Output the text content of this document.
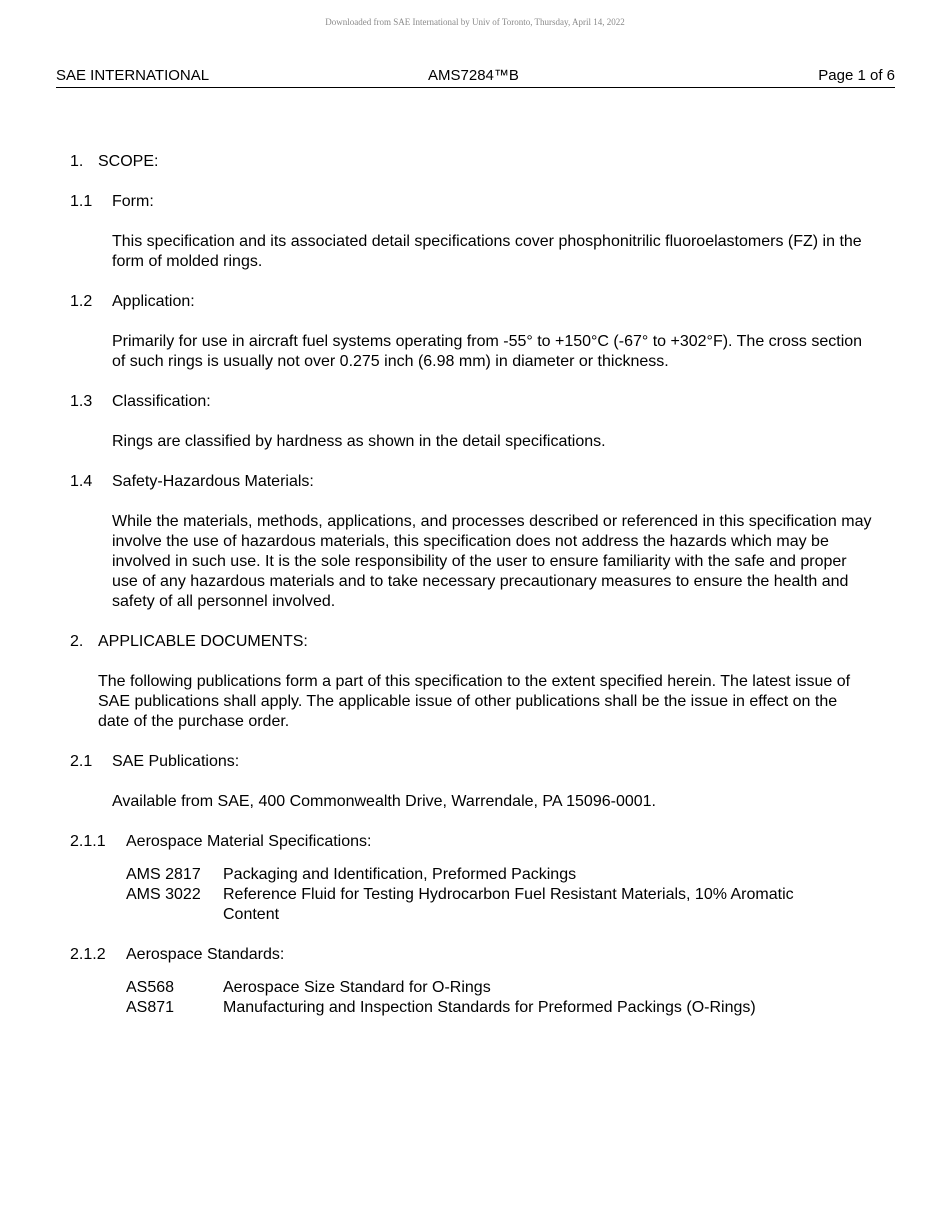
Downloaded from SAE International by Univ of Toronto, Thursday, April 14, 2022
SAE INTERNATIONAL	AMS7284™B	Page 1 of 6
1. SCOPE:
1.1 Form:

This specification and its associated detail specifications cover phosphonitrilic fluoroelastomers (FZ) in the form of molded rings.

1.2 Application:

Primarily for use in aircraft fuel systems operating from -55° to +150°C (-67° to +302°F). The cross section of such rings is usually not over 0.275 inch (6.98 mm) in diameter or thickness.

1.3 Classification:

Rings are classified by hardness as shown in the detail specifications.

1.4 Safety-Hazardous Materials:

While the materials, methods, applications, and processes described or referenced in this specification may involve the use of hazardous materials, this specification does not address the hazards which may be involved in such use. It is the sole responsibility of the user to ensure familiarity with the safe and proper use of any hazardous materials and to take necessary precautionary measures to ensure the health and safety of all personnel involved.

2. APPLICABLE DOCUMENTS:

The following publications form a part of this specification to the extent specified herein. The latest issue of SAE publications shall apply. The applicable issue of other publications shall be the issue in effect on the date of the purchase order.

2.1 SAE Publications:

Available from SAE, 400 Commonwealth Drive, Warrendale, PA 15096-0001.

2.1.1 Aerospace Material Specifications:
AMS 2817 Packaging and Identification, Preformed Packings
AMS 3022 Reference Fluid for Testing Hydrocarbon Fuel Resistant Materials, 10% Aromatic Content
2.1.2 Aerospace Standards:
AS568	Aerospace Size Standard for O-Rings
AS871	Manufacturing and Inspection Standards for Preformed Packings (O-Rings)
